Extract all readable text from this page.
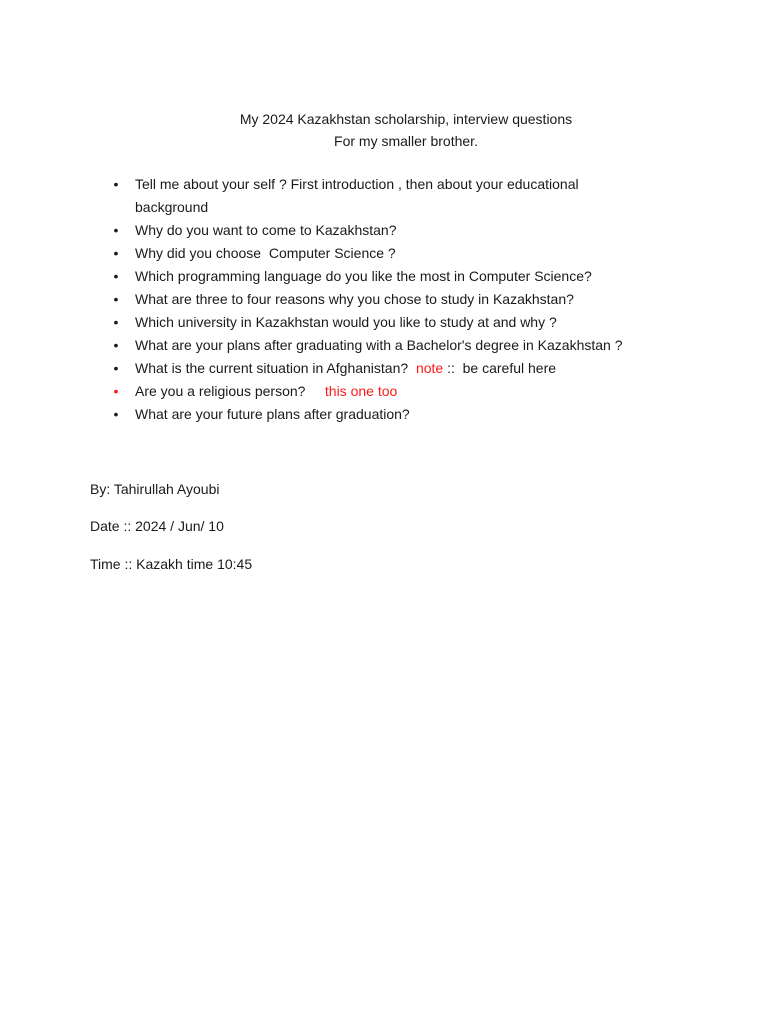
My 2024 Kazakhstan scholarship, interview questions
For my smaller brother.
• Tell me about your self ? First introduction , then about your educational
background
• Why do you want to come to Kazakhstan?
• Why did you choose  Computer Science ?
• Which programming language do you like the most in Computer Science?
• What are three to four reasons why you chose to study in Kazakhstan?
• Which university in Kazakhstan would you like to study at and why ?
• What are your plans after graduating with a Bachelor's degree in Kazakhstan ?
• What is the current situation in Afghanistan?  note ::  be careful here
• Are you a religious person?     this one too
• What are your future plans after graduation?
By: Tahirullah Ayoubi
Date :: 2024 / Jun/ 10
Time :: Kazakh time 10:45
